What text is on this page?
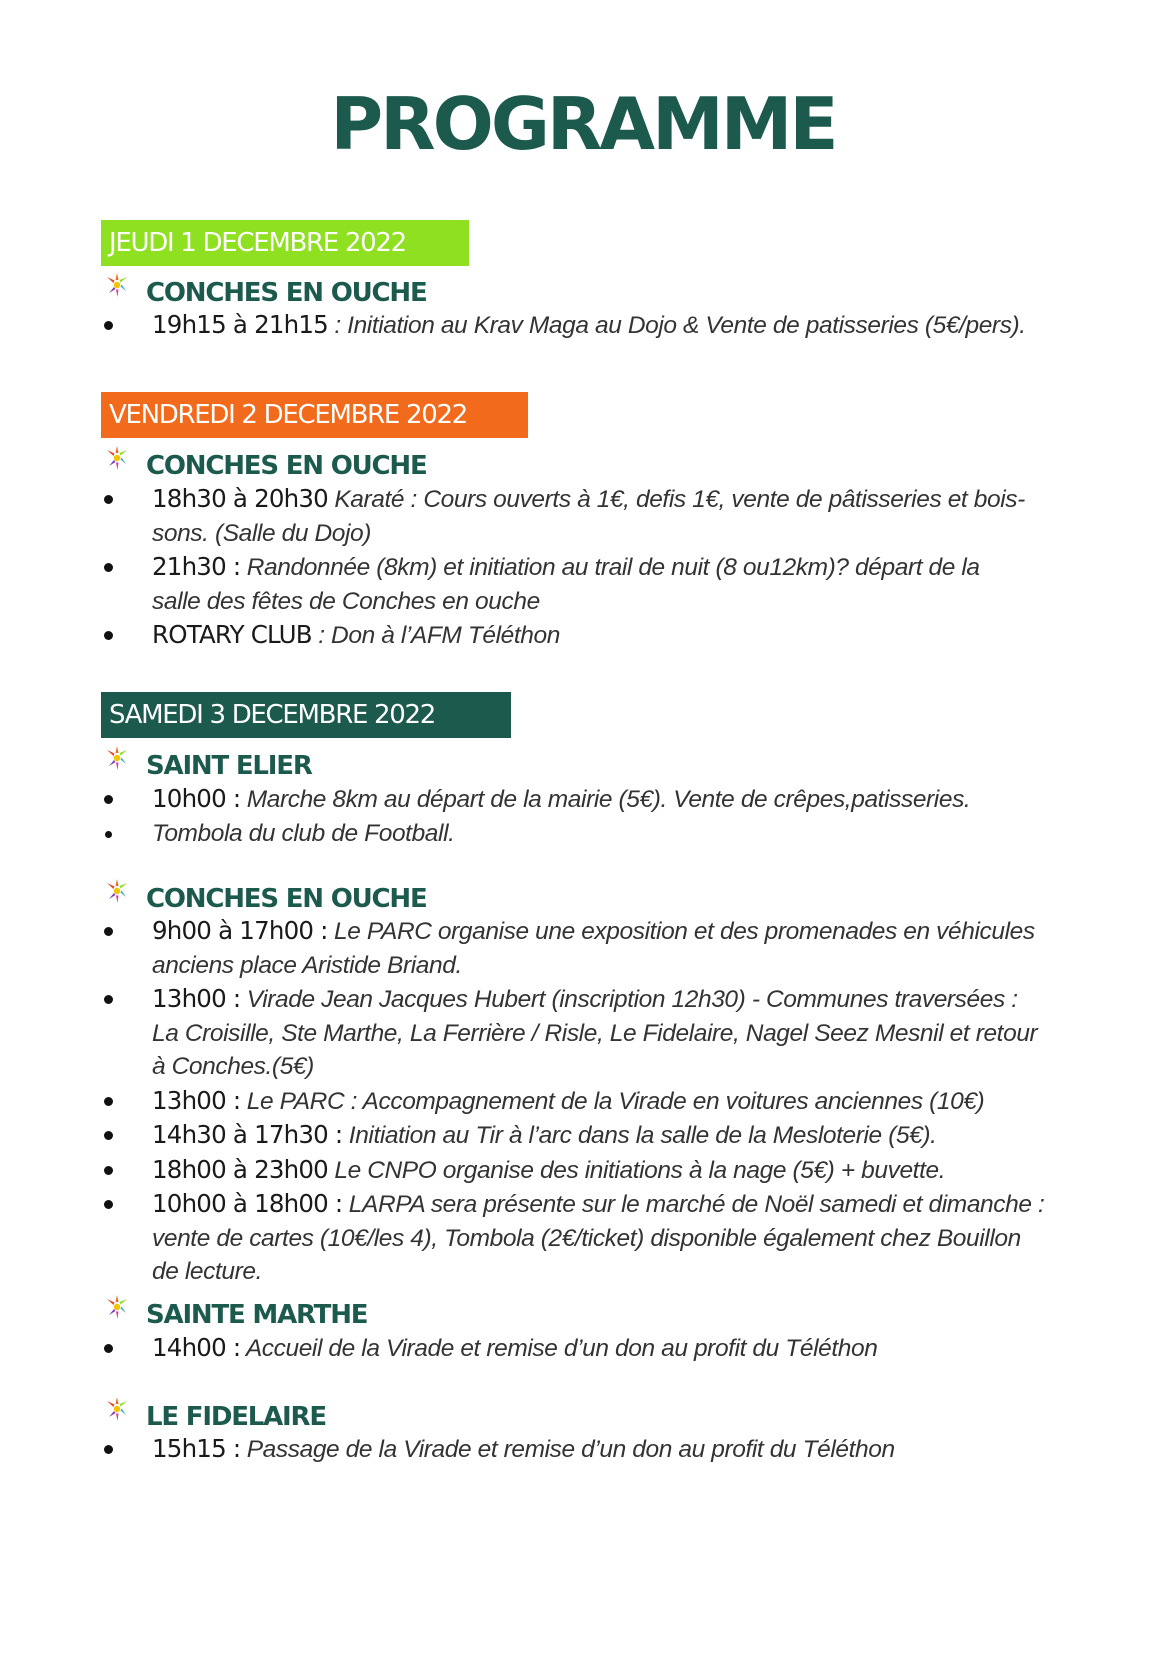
PROGRAMME
JEUDI 1 DECEMBRE 2022
CONCHES EN OUCHE
19h15 à 21h15 : Initiation au Krav Maga au Dojo & Vente de patisseries (5€/pers).
VENDREDI 2 DECEMBRE 2022
CONCHES EN OUCHE
18h30 à 20h30 Karaté : Cours ouverts à 1€, defis 1€, vente de pâtisseries et bois-
sons. (Salle du Dojo)
21h30 : Randonnée (8km) et initiation au trail de nuit (8 ou12km)? départ de la
salle des fêtes de Conches en ouche
ROTARY CLUB : Don à l’AFM Téléthon
SAMEDI 3 DECEMBRE 2022
SAINT ELIER
10h00 : Marche 8km au départ de la mairie (5€). Vente de crêpes,patisseries.
Tombola du club de Football.
CONCHES EN OUCHE
9h00 à 17h00 : Le PARC organise une exposition et des promenades en véhicules
anciens place Aristide Briand.
13h00 : Virade Jean Jacques Hubert (inscription 12h30) - Communes traversées :
La Croisille, Ste Marthe, La Ferrière / Risle, Le Fidelaire, Nagel Seez Mesnil et retour
à Conches.(5€)
13h00 : Le PARC : Accompagnement de la Virade en voitures anciennes (10€)
14h30 à 17h30 : Initiation au Tir à l’arc dans la salle de la Mesloterie (5€).
18h00 à 23h00 Le CNPO organise des initiations à la nage (5€) + buvette.
10h00 à 18h00 : LARPA sera présente sur le marché de Noël samedi et dimanche :
vente de cartes (10€/les 4), Tombola (2€/ticket) disponible également chez Bouillon
de lecture.
SAINTE MARTHE
14h00 : Accueil de la Virade et remise d’un don au profit du Téléthon
LE FIDELAIRE
15h15 : Passage de la Virade et remise d’un don au profit du Téléthon
